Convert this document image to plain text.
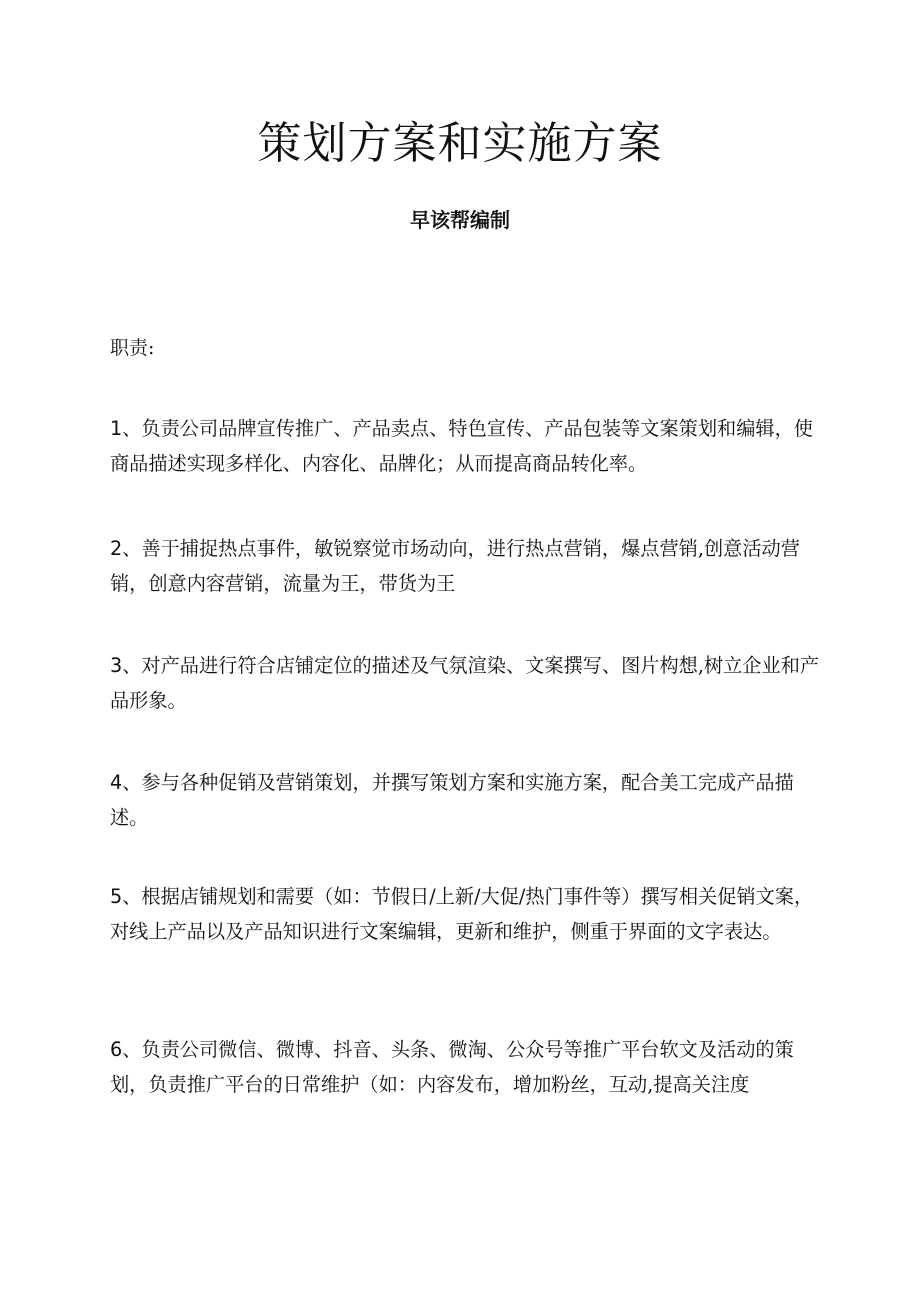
策划方案和实施方案
早该帮编制
职责:

1、负责公司品牌宣传推广、产品卖点、特色宣传、产品包装等文案策划和编辑，使商品描述实现多样化、内容化、品牌化；从而提高商品转化率。

2、善于捕捉热点事件，敏锐察觉市场动向，进行热点营销，爆点营销,创意活动营销，创意内容营销，流量为王，带货为王

3、对产品进行符合店铺定位的描述及气氛渲染、文案撰写、图片构想,树立企业和产品形象。

4、参与各种促销及营销策划，并撰写策划方案和实施方案，配合美工完成产品描述。

5、根据店铺规划和需要（如：节假日/上新/大促/热门事件等）撰写相关促销文案，对线上产品以及产品知识进行文案编辑，更新和维护，侧重于界面的文字表达。

6、负责公司微信、微博、抖音、头条、微淘、公众号等推广平台软文及活动的策划，负责推广平台的日常维护（如：内容发布，增加粉丝，互动,提高关注度
